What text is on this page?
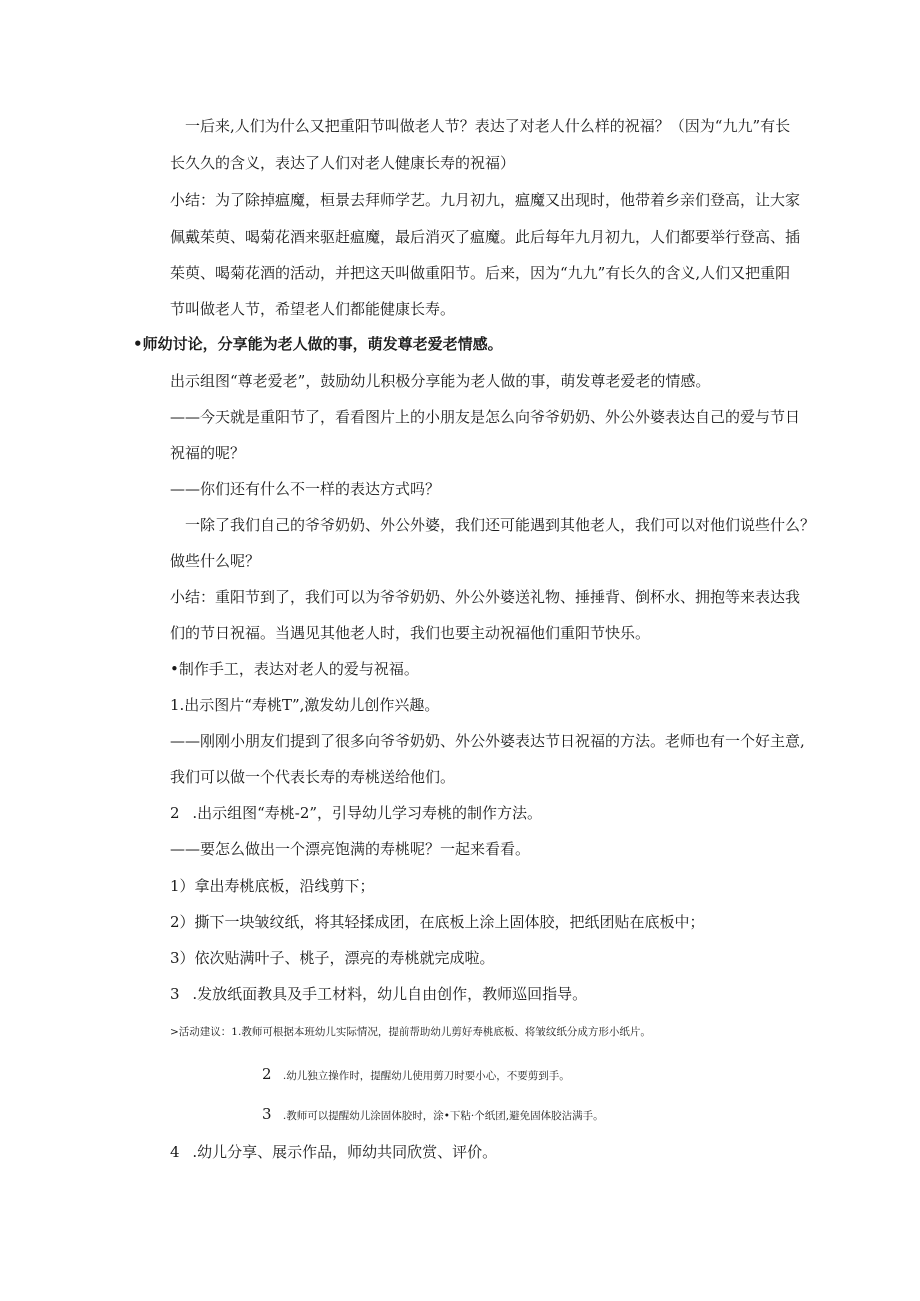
一后来,人们为什么又把重阳节叫做老人节？表达了对老人什么样的祝福？（因为“九九”有长
长久久的含义，表达了人们对老人健康长寿的祝福）
小结：为了除掉瘟魔，桓景去拜师学艺。九月初九，瘟魔又出现时，他带着乡亲们登高，让大家
佩戴茱萸、喝菊花酒来驱赶瘟魔，最后消灭了瘟魔。此后每年九月初九，人们都要举行登高、插
茱萸、喝菊花酒的活动，并把这天叫做重阳节。后来，因为“九九”有长久的含义,人们又把重阳
节叫做老人节，希望老人们都能健康长寿。
•师幼讨论，分享能为老人做的事，萌发尊老爱老情感。
出示组图“尊老爱老”，鼓励幼儿积极分享能为老人做的事，萌发尊老爱老的情感。
——今天就是重阳节了，看看图片上的小朋友是怎么向爷爷奶奶、外公外婆表达自己的爱与节日
祝福的呢？
——你们还有什么不一样的表达方式吗？
一除了我们自己的爷爷奶奶、外公外婆，我们还可能遇到其他老人，我们可以对他们说些什么？
做些什么呢？
小结：重阳节到了，我们可以为爷爷奶奶、外公外婆送礼物、捶捶背、倒杯水、拥抱等来表达我
们的节日祝福。当遇见其他老人时，我们也要主动祝福他们重阳节快乐。
•制作手工，表达对老人的爱与祝福。
1.出示图片“寿桃T”,激发幼儿创作兴趣。
——刚刚小朋友们提到了很多向爷爷奶奶、外公外婆表达节日祝福的方法。老师也有一个好主意,
我们可以做一个代表长寿的寿桃送给他们。
2 .出示组图“寿桃-2”，引导幼儿学习寿桃的制作方法。
——要怎么做出一个漂亮饱满的寿桃呢？一起来看看。
1）拿出寿桃底板，沿线剪下；
2）撕下一块皱纹纸，将其轻揉成团，在底板上涂上固体胶，把纸团贴在底板中；
3）依次贴满叶子、桃子，漂亮的寿桃就完成啦。
3 .发放纸面教具及手工材料，幼儿自由创作，教师巡回指导。
>活动建议：1.教师可根据本班幼儿实际情况，提前帮助幼儿剪好寿桃底板、将皱纹纸分成方形小纸片。
2 .幼儿独立操作时，提醒幼儿使用剪刀时要小心，不要剪到手。
3 .教师可以提醒幼儿涂固体胶时，涂•下粘·个纸团,避免固体胶沾满手。
4 .幼儿分享、展示作品，师幼共同欣赏、评价。
